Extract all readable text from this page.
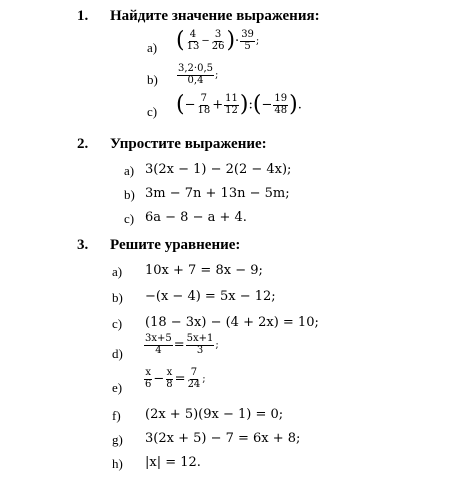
1. Найдите значение выражения:
a) ( $\frac{4}{13} - \frac{3}{26}$ )· $\frac{39}{5}$ ;
$b) \frac{3,2\cdot 0,5}{0,4}$ ;
c) (− $\frac{7}{18} + \frac{11}{12}$ ):(− $\frac{19}{48}$ ).
2. Упростите выражение:
a) 3(2x − 1) − 2(2 − 4x);
b) 3m − 7n + 13n − 5m;
c) 6a − 8 − a + 4.
3. Решите уравнение:
a) 10x + 7 = 8x − 9;
b) −(x − 4) = 5x − 12;
c) (18 − 3x) − (4 + 2x) = 10;
$d) \frac{3x+5}{4} = \frac{5x+1}{3}$ ;
$e) \frac{x}{6} - \frac{x}{8} = \frac{7}{24}$ ;
f) (2x + 5)(9x − 1) = 0;
g) 3(2x + 5) − 7 = 6x + 8;
h) |x| = 12.
